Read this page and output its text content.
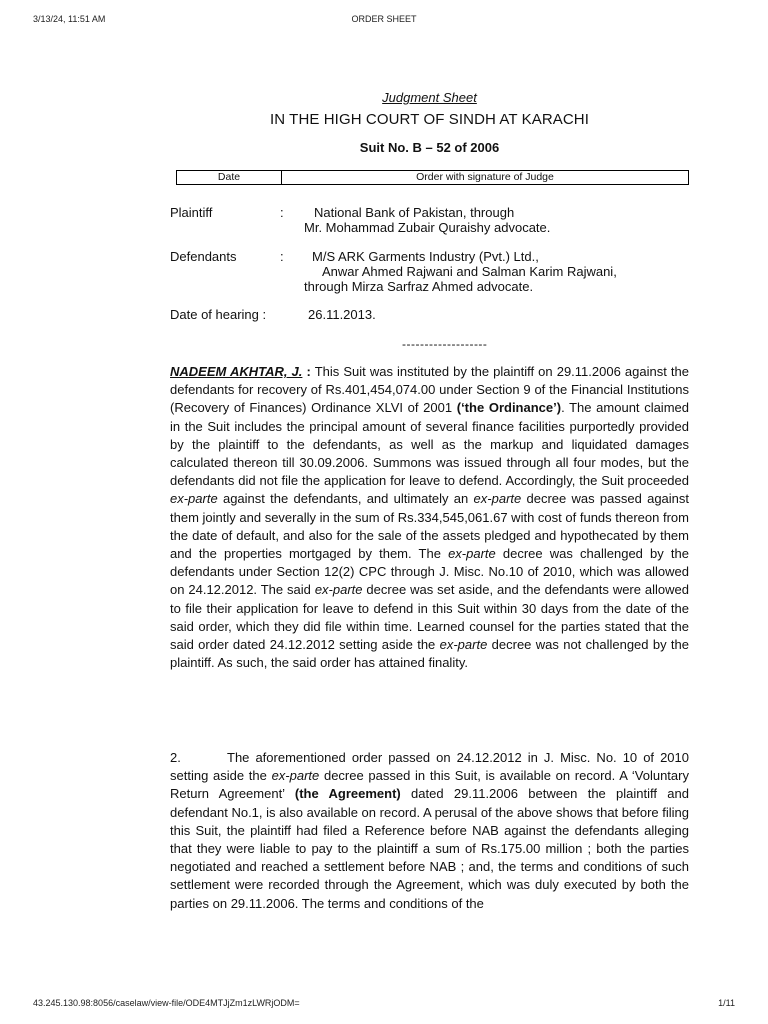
3/13/24, 11:51 AM	ORDER SHEET
Judgment Sheet
IN THE HIGH COURT OF SINDH AT KARACHI
Suit No. B – 52 of 2006
Date	Order with signature of Judge
Plaintiff	: National Bank of Pakistan, through
Mr. Mohammad Zubair Quraishy advocate.
Defendants	: M/S ARK Garments Industry (Pvt.) Ltd.,
Anwar Ahmed Rajwani and Salman Karim Rajwani,
through Mirza Sarfraz Ahmed advocate.
Date of hearing :	26.11.2013.
-------------------
NADEEM AKHTAR, J. : This Suit was instituted by the plaintiff on 29.11.2006 against the defendants for recovery of Rs.401,454,074.00 under Section 9 of the Financial Institutions (Recovery of Finances) Ordinance XLVI of 2001 (‘the Ordinance’). The amount claimed in the Suit includes the principal amount of several finance facilities purportedly provided by the plaintiff to the defendants, as well as the markup and liquidated damages calculated thereon till 30.09.2006. Summons was issued through all four modes, but the defendants did not file the application for leave to defend. Accordingly, the Suit proceeded ex-parte against the defendants, and ultimately an ex-parte decree was passed against them jointly and severally in the sum of Rs.334,545,061.67 with cost of funds thereon from the date of default, and also for the sale of the assets pledged and hypothecated by them and the properties mortgaged by them. The ex-parte decree was challenged by the defendants under Section 12(2) CPC through J. Misc. No.10 of 2010, which was allowed on 24.12.2012. The said ex-parte decree was set aside, and the defendants were allowed to file their application for leave to defend in this Suit within 30 days from the date of the said order, which they did file within time. Learned counsel for the parties stated that the said order dated 24.12.2012 setting aside the ex-parte decree was not challenged by the plaintiff. As such, the said order has attained finality.
2.	The aforementioned order passed on 24.12.2012 in J. Misc. No. 10 of 2010 setting aside the ex-parte decree passed in this Suit, is available on record. A ‘Voluntary Return Agreement’ (the Agreement) dated 29.11.2006 between the plaintiff and defendant No.1, is also available on record. A perusal of the above shows that before filing this Suit, the plaintiff had filed a Reference before NAB against the defendants alleging that they were liable to pay to the plaintiff a sum of Rs.175.00 million ; both the parties negotiated and reached a settlement before NAB ; and, the terms and conditions of such settlement were recorded through the Agreement, which was duly executed by both the parties on 29.11.2006. The terms and conditions of the
43.245.130.98:8056/caselaw/view-file/ODE4MTJjZm1zLWRjODM=	1/11
